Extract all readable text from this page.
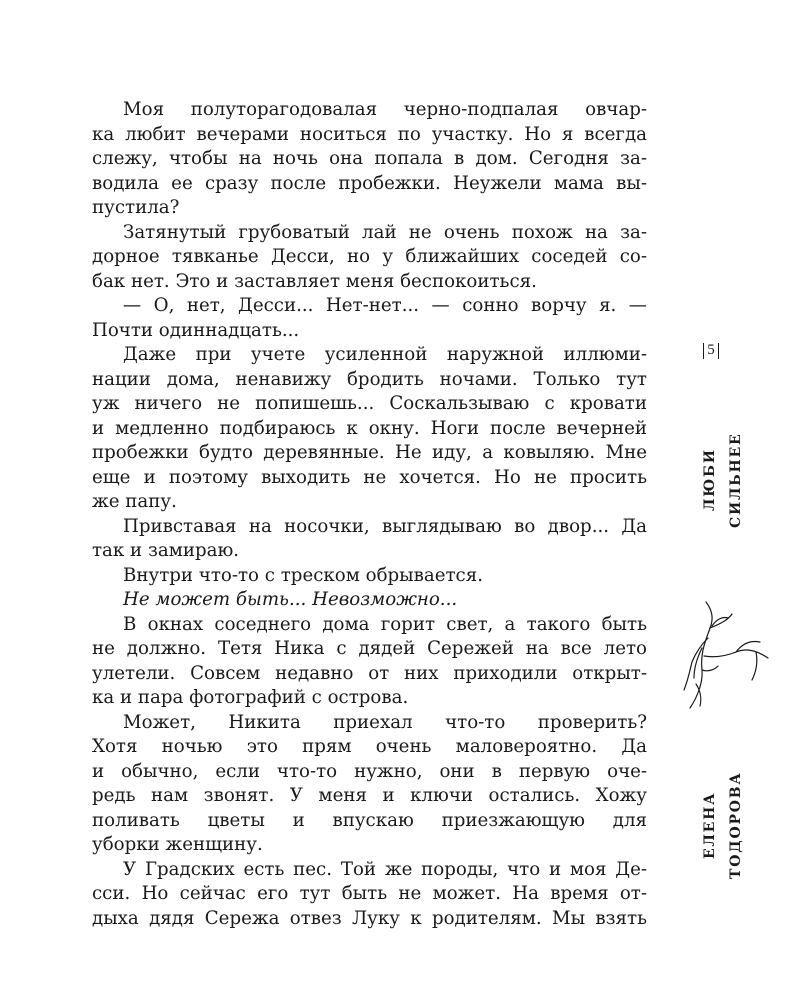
Моя полуторагодовалая черно-подпалая овчар-
ка любит вечерами носиться по участку. Но я всегда
слежу, чтобы на ночь она попала в дом. Сегодня за-
водила ее сразу после пробежки. Неужели мама вы-
пустила?
Затянутый грубоватый лай не очень похож на за-
дорное тявканье Десси, но у ближайших соседей со-
бак нет. Это и заставляет меня беспокоиться.
— О, нет, Десси... Нет-нет... — сонно ворчу я. —
Почти одиннадцать...
Даже при учете усиленной наружной иллюми-
нации дома, ненавижу бродить ночами. Только тут
уж ничего не попишешь... Соскальзываю с кровати
и медленно подбираюсь к окну. Ноги после вечерней
пробежки будто деревянные. Не иду, а ковыляю. Мне
еще и поэтому выходить не хочется. Но не просить
же папу.
Привставая на носочки, выглядываю во двор... Да
так и замираю.
Внутри что-то с треском обрывается.
Не может быть... Невозможно...
В окнах соседнего дома горит свет, а такого быть
не должно. Тетя Ника с дядей Сережей на все лето
улетели. Совсем недавно от них приходили открыт-
ка и пара фотографий с острова.
Может, Никита приехал что-то проверить?
Хотя ночью это прям очень маловероятно. Да
и обычно, если что-то нужно, они в первую оче-
редь нам звонят. У меня и ключи остались. Хожу
поливать цветы и впускаю приезжающую для
уборки женщину.
У Градских есть пес. Той же породы, что и моя Де-
сси. Но сейчас его тут быть не может. На время от-
дыха дядя Сережа отвез Луку к родителям. Мы взять
5
ЛЮБИ СИЛЬНЕЕ
ЕЛЕНА ТОДОРОВА
